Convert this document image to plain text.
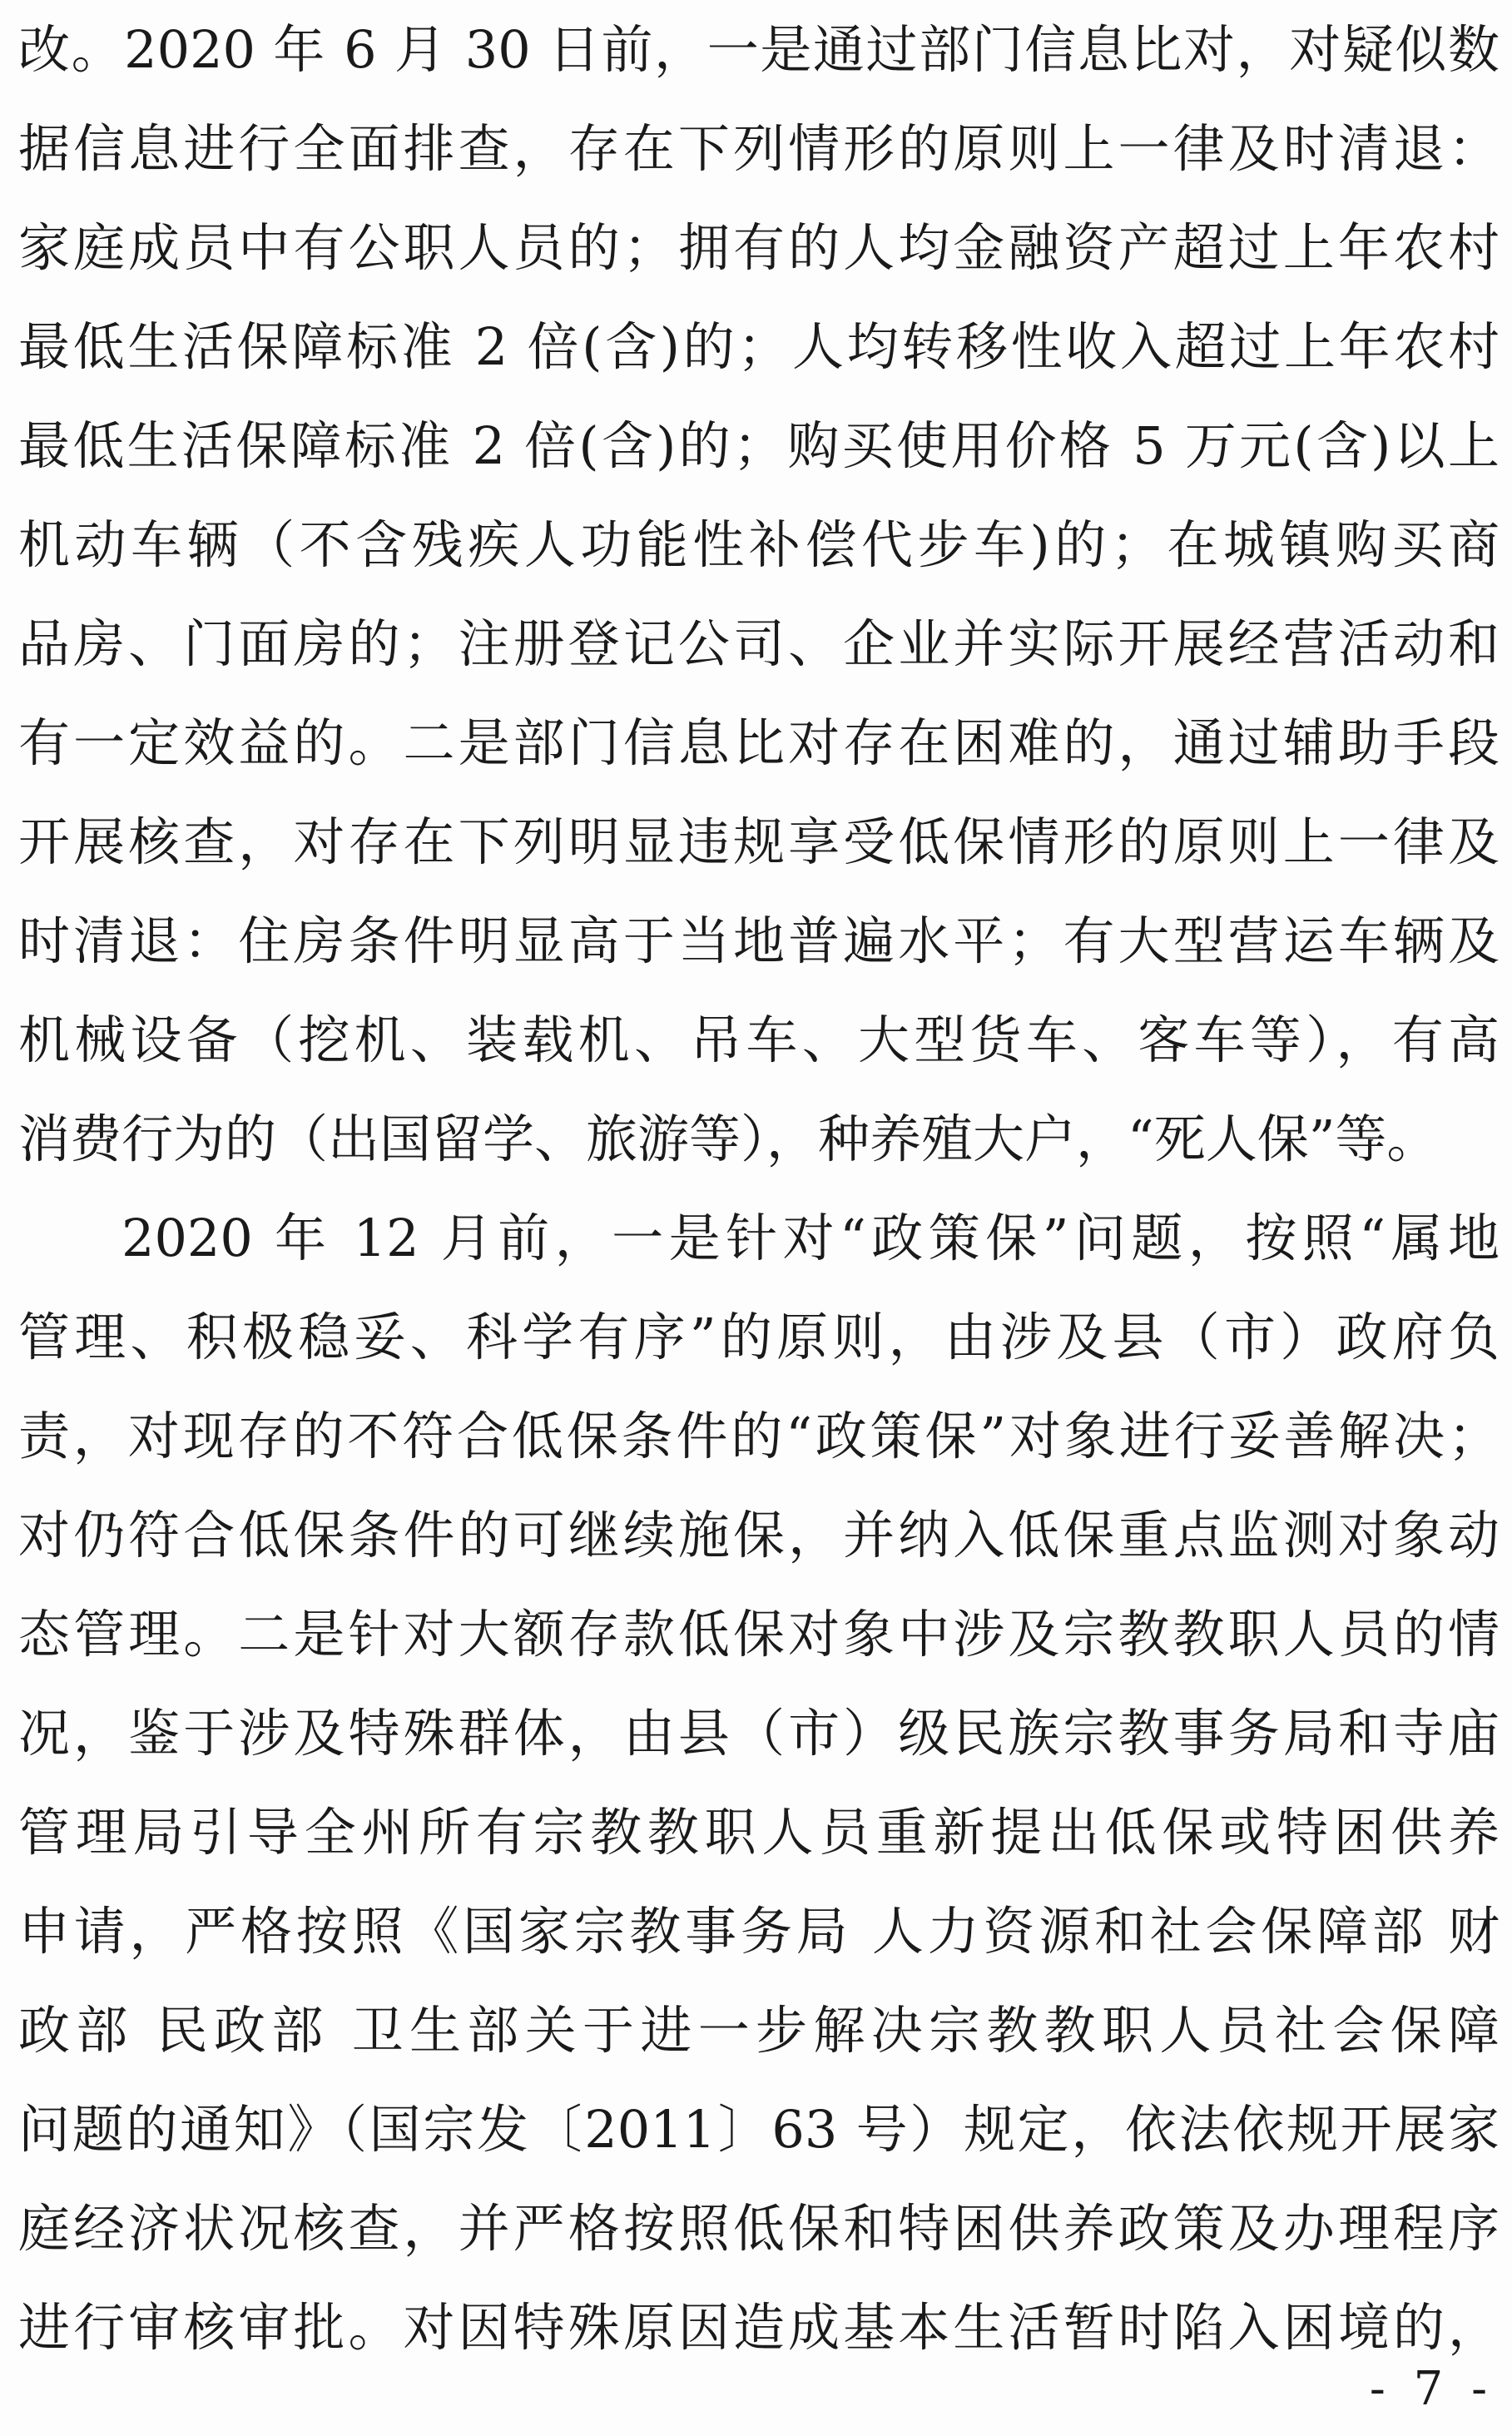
改。2020 年 6 月 30 日前，一是通过部门信息比对，对疑似数
据信息进行全面排查，存在下列情形的原则上一律及时清退：
家庭成员中有公职人员的；拥有的人均金融资产超过上年农村
最低生活保障标准 2 倍(含)的；人均转移性收入超过上年农村
最低生活保障标准 2 倍(含)的；购买使用价格 5 万元(含)以上
机动车辆（不含残疾人功能性补偿代步车)的；在城镇购买商
品房、门面房的；注册登记公司、企业并实际开展经营活动和
有一定效益的。二是部门信息比对存在困难的，通过辅助手段
开展核查，对存在下列明显违规享受低保情形的原则上一律及
时清退：住房条件明显高于当地普遍水平；有大型营运车辆及
机械设备（挖机、装载机、吊车、大型货车、客车等），有高
消费行为的（出国留学、旅游等），种养殖大户，“死人保”等。
2020 年 12 月前，一是针对“政策保”问题，按照“属地
管理、积极稳妥、科学有序”的原则，由涉及县（市）政府负
责，对现存的不符合低保条件的“政策保”对象进行妥善解决；
对仍符合低保条件的可继续施保，并纳入低保重点监测对象动
态管理。二是针对大额存款低保对象中涉及宗教教职人员的情
况，鉴于涉及特殊群体，由县（市）级民族宗教事务局和寺庙
管理局引导全州所有宗教教职人员重新提出低保或特困供养
申请，严格按照《国家宗教事务局 人力资源和社会保障部 财
政部 民政部 卫生部关于进一步解决宗教教职人员社会保障
问题的通知》（国宗发〔2011〕63 号）规定，依法依规开展家
庭经济状况核查，并严格按照低保和特困供养政策及办理程序
进行审核审批。对因特殊原因造成基本生活暂时陷入困境的，
- 7 -
